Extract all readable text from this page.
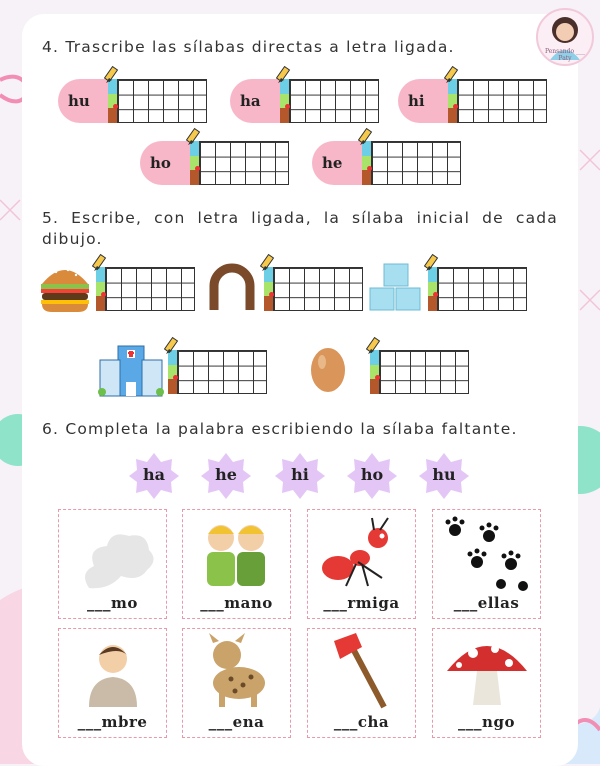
Pensando ___ Paty
4. Trascribe las sílabas directas a letra ligada.
hu	ha	hi
ho	he
5. Escribe, con letra ligada, la sílaba inicial de cada dibujo.
6. Completa la palabra escribiendo la sílaba faltante.
ha	he	hi	ho	hu
___mo	___mano	___rmiga	___ellas
___mbre	___ena	___cha	___ngo
